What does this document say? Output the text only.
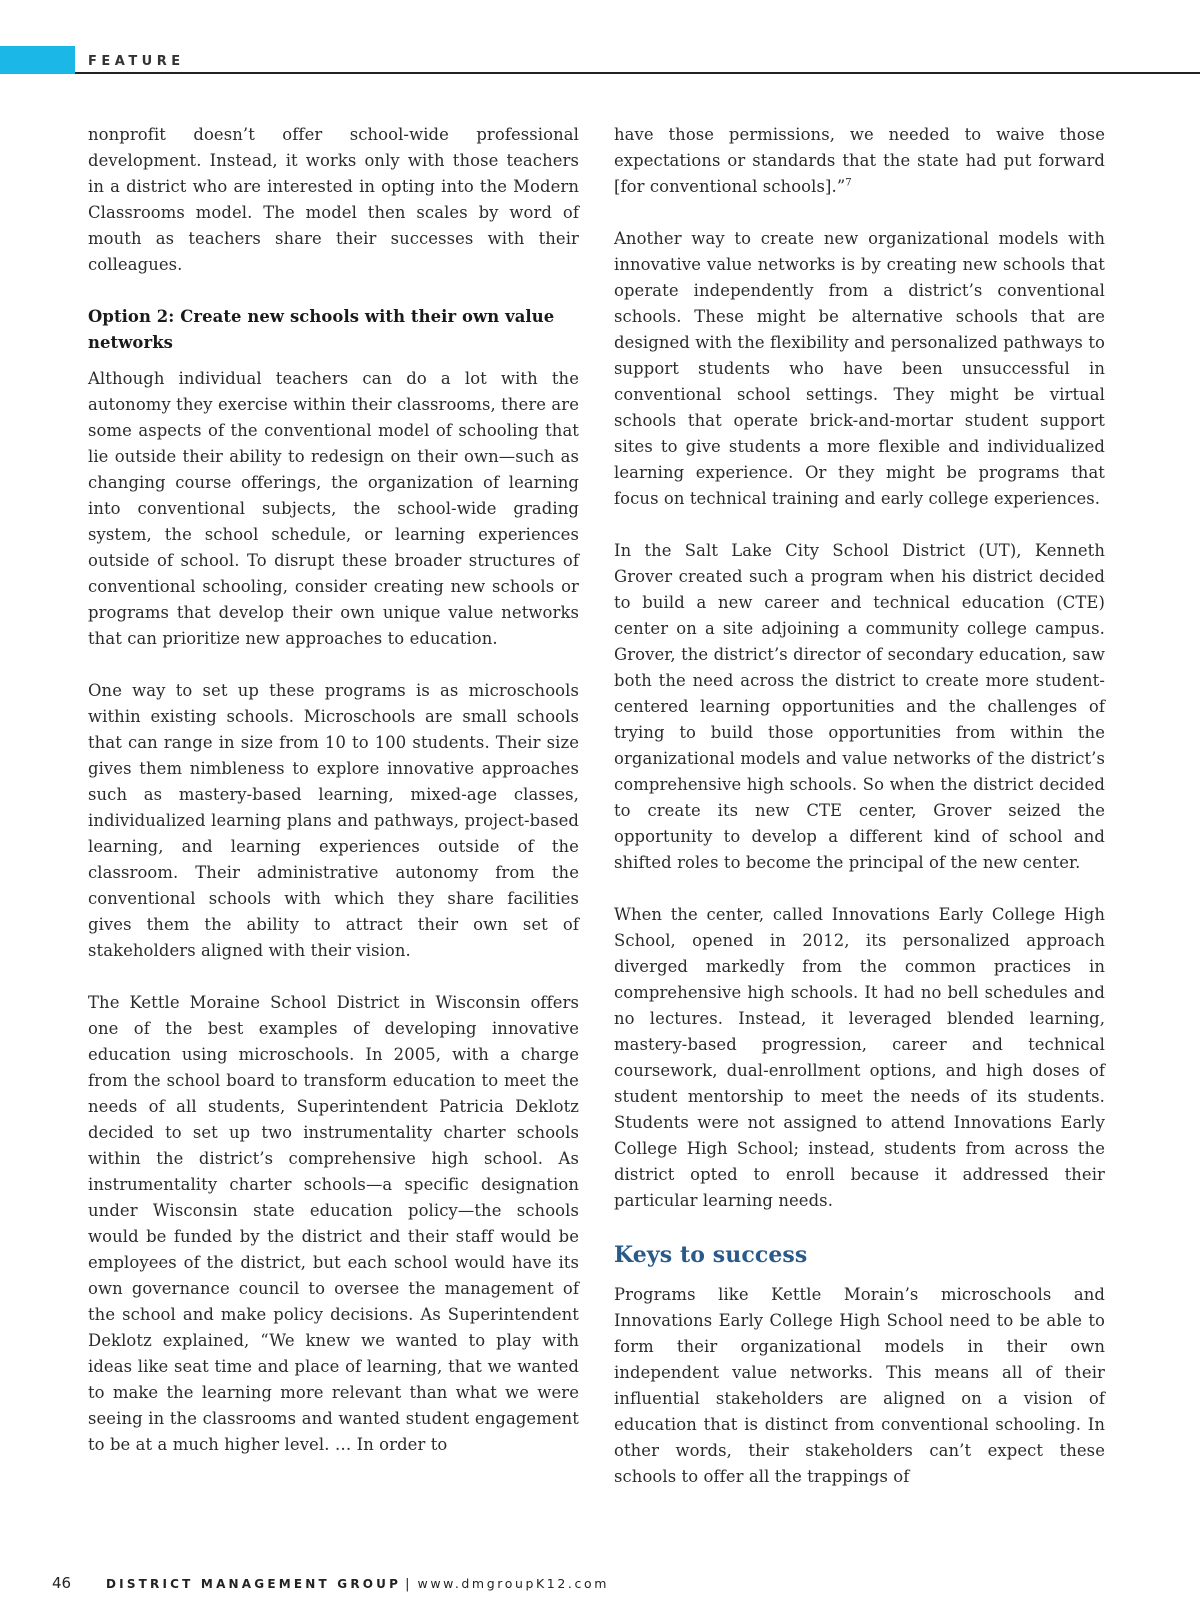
FEATURE

nonprofit doesn’t offer school-wide professional development. Instead, it works only with those teachers in a district who are interested in opting into the Modern Classrooms model. The model then scales by word of mouth as teachers share their successes with their colleagues.

Option 2: Create new schools with their own value networks

Although individual teachers can do a lot with the autonomy they exercise within their classrooms, there are some aspects of the conventional model of schooling that lie outside their ability to redesign on their own—such as changing course offerings, the organization of learning into conventional subjects, the school-wide grading system, the school schedule, or learning experiences outside of school. To disrupt these broader structures of conventional schooling, consider creating new schools or programs that develop their own unique value networks that can prioritize new approaches to education.

One way to set up these programs is as microschools within existing schools. Microschools are small schools that can range in size from 10 to 100 students. Their size gives them nimbleness to explore innovative approaches such as mastery-based learning, mixed-age classes, individualized learning plans and pathways, project-based learning, and learning experiences outside of the classroom. Their administrative autonomy from the conventional schools with which they share facilities gives them the ability to attract their own set of stakeholders aligned with their vision.

The Kettle Moraine School District in Wisconsin offers one of the best examples of developing innovative education using microschools. In 2005, with a charge from the school board to transform education to meet the needs of all students, Superintendent Patricia Deklotz decided to set up two instrumentality charter schools within the district’s comprehensive high school. As instrumentality charter schools—a specific designation under Wisconsin state education policy—the schools would be funded by the district and their staff would be employees of the district, but each school would have its own governance council to oversee the management of the school and make policy decisions. As Superintendent Deklotz explained, “We knew we wanted to play with ideas like seat time and place of learning, that we wanted to make the learning more relevant than what we were seeing in the classrooms and wanted student engagement to be at a much higher level. … In order to

have those permissions, we needed to waive those expectations or standards that the state had put forward [for conventional schools].”$^7$

Another way to create new organizational models with innovative value networks is by creating new schools that operate independently from a district’s conventional schools. These might be alternative schools that are designed with the flexibility and personalized pathways to support students who have been unsuccessful in conventional school settings. They might be virtual schools that operate brick-and-mortar student support sites to give students a more flexible and individualized learning experience. Or they might be programs that focus on technical training and early college experiences.

In the Salt Lake City School District (UT), Kenneth Grover created such a program when his district decided to build a new career and technical education (CTE) center on a site adjoining a community college campus. Grover, the district’s director of secondary education, saw both the need across the district to create more student-centered learning opportunities and the challenges of trying to build those opportunities from within the organizational models and value networks of the district’s comprehensive high schools. So when the district decided to create its new CTE center, Grover seized the opportunity to develop a different kind of school and shifted roles to become the principal of the new center.

When the center, called Innovations Early College High School, opened in 2012, its personalized approach diverged markedly from the common practices in comprehensive high schools. It had no bell schedules and no lectures. Instead, it leveraged blended learning, mastery-based progression, career and technical coursework, dual-enrollment options, and high doses of student mentorship to meet the needs of its students. Students were not assigned to attend Innovations Early College High School; instead, students from across the district opted to enroll because it addressed their particular learning needs.

Keys to success

Programs like Kettle Morain’s microschools and Innovations Early College High School need to be able to form their organizational models in their own independent value networks. This means all of their influential stakeholders are aligned on a vision of education that is distinct from conventional schooling. In other words, their stakeholders can’t expect these schools to offer all the trappings of

46	DISTRICT MANAGEMENT GROUP | www.dmgroupK12.com
